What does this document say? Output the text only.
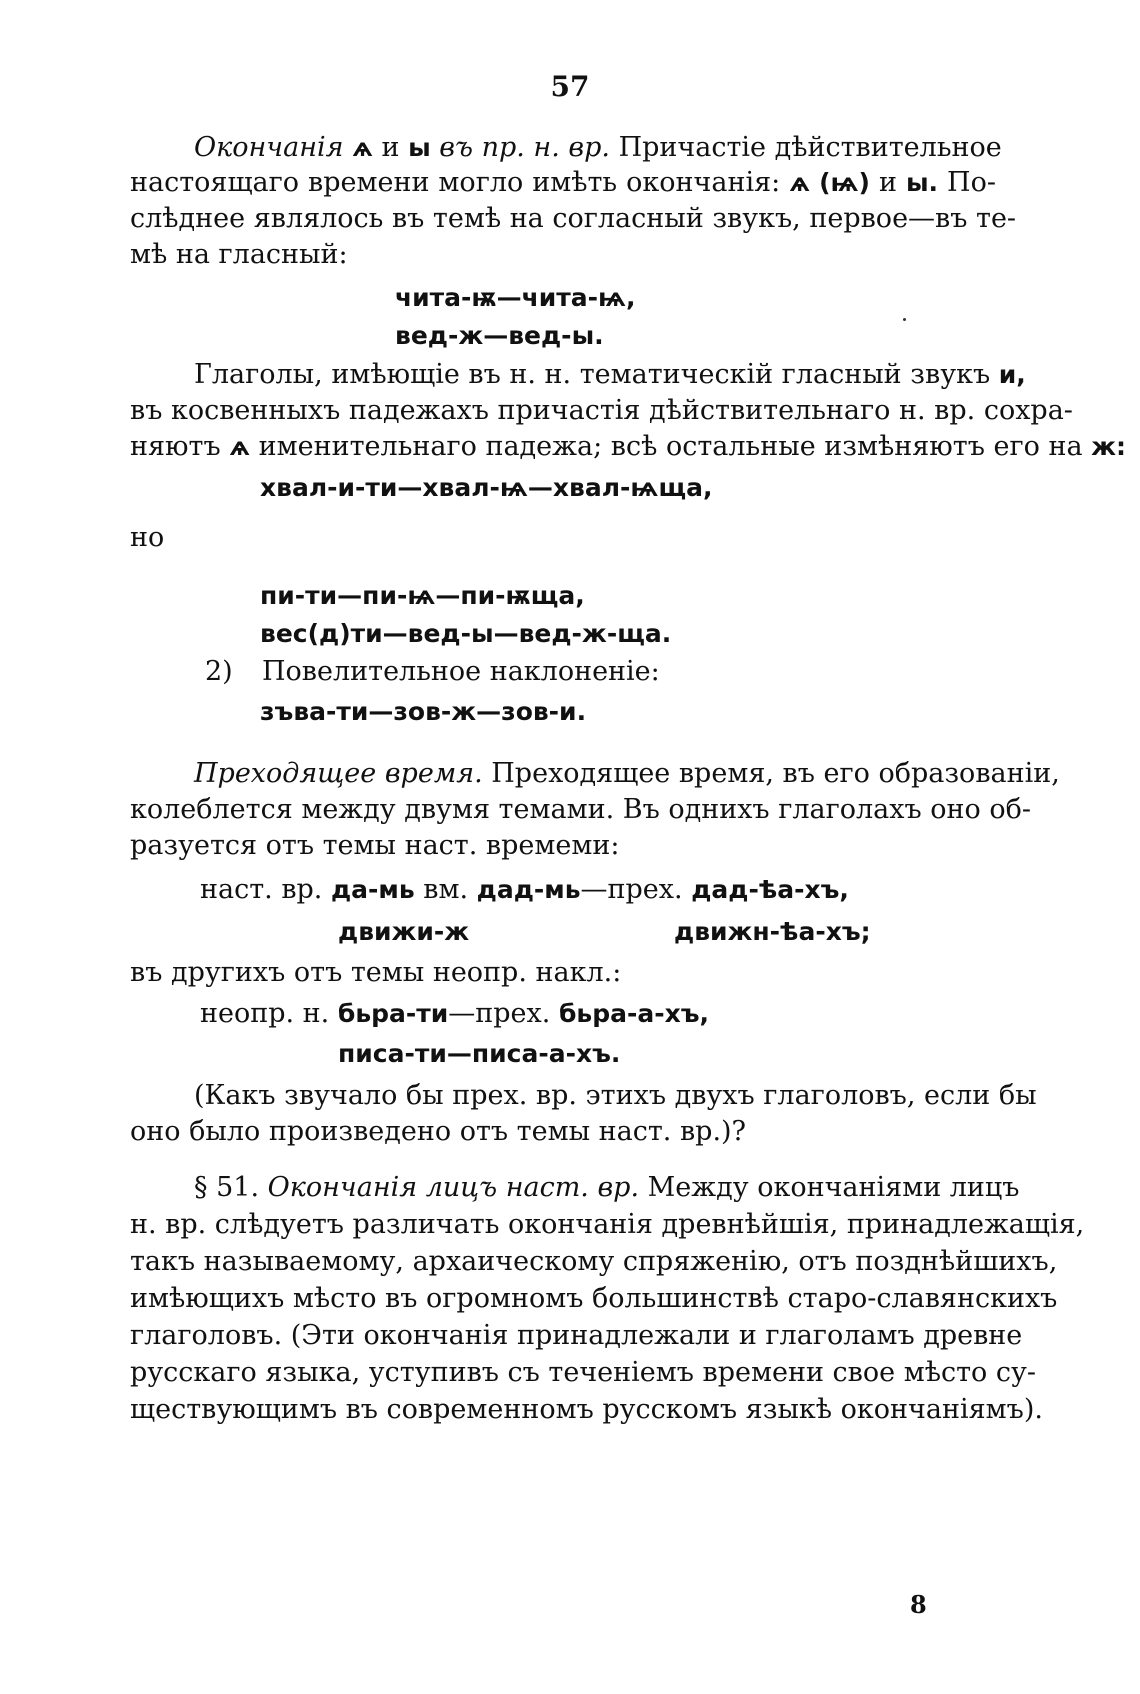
57
Окончанія ѧ и ы въ пр. н. вр. Причастіе дѣйствительное
настоящаго времени могло имѣть окончанія: ѧ (ѩ) и ы. По-
слѣднее являлось въ темѣ на согласный звукъ, первое—въ те-
мѣ на гласный:
чита-ѭ—чита-ѩ,
вед-ж—вед-ы.
Глаголы, имѣющіе въ н. н. тематическій гласный звукъ и,
въ косвенныхъ падежахъ причастія дѣйствительнаго н. вр. сохра-
няютъ ѧ именительнаго падежа; всѣ остальные измѣняютъ его на ж:
хвал-и-ти—хвал-ѩ—хвал-ѩща,
но
пи-ти—пи-ѩ—пи-ѭща,
вес(д)ти—вед-ы—вед-ж-ща.
2) Повелительное наклоненіе:
зъва-ти—зов-ж—зов-и.
Преходящее время. Преходящее время, въ его образованіи,
колеблется между двумя темами. Въ однихъ глаголахъ оно об-
разуется отъ темы наст. времеми:
наст. вр. да-мь вм. дад-мь—прех. дад-ѣа-хъ,
движи-ж	движн-ѣа-хъ;
въ другихъ отъ темы неопр. накл.:
неопр. н. бьра-ти—прех. бьра-а-хъ,
писа-ти—писа-а-хъ.
(Какъ звучало бы прех. вр. этихъ двухъ глаголовъ, если бы
оно было произведено отъ темы наст. вр.)?
§ 51. Окончанія лицъ наст. вр. Между окончаніями лицъ
н. вр. слѣдуетъ различать окончанія древнѣйшія, принадлежащія,
такъ называемому, архаическому спряженію, отъ позднѣйшихъ,
имѣющихъ мѣсто въ огромномъ большинствѣ старо-славянскихъ
глаголовъ. (Эти окончанія принадлежали и глаголамъ древне
русскаго языка, уступивъ съ теченіемъ времени свое мѣсто су-
ществующимъ въ современномъ русскомъ языкѣ окончаніямъ).
8
